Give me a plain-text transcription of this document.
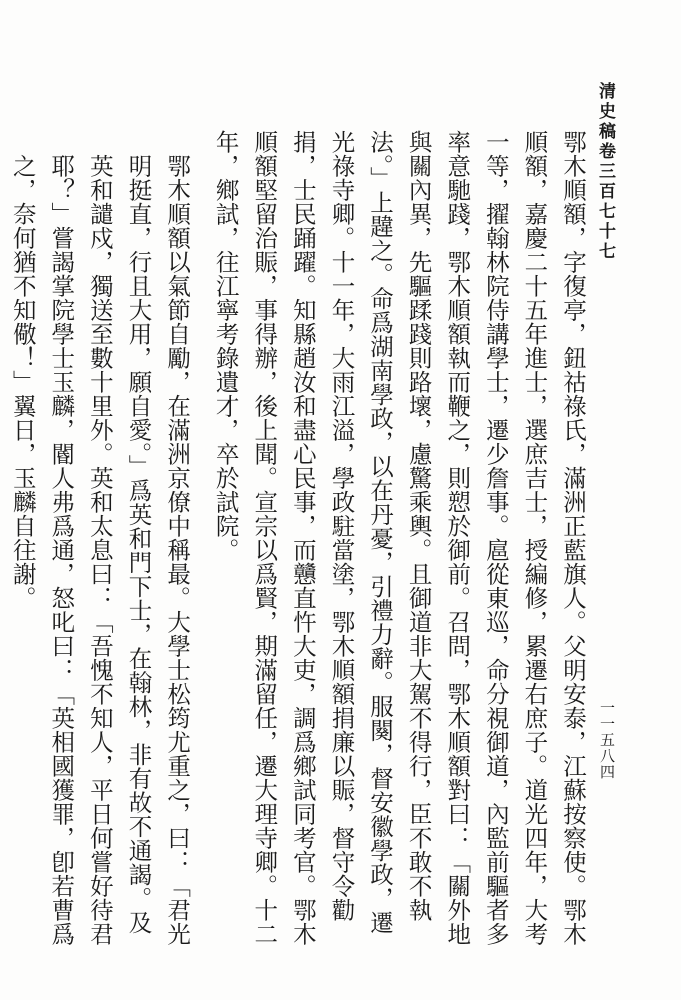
清史稿卷三百七十七
一一五八四

鄂木順額，字復亭，鈕祜祿氏，滿洲正藍旗人。父明安泰，江蘇按察使。鄂木順額，嘉慶二十五年進士，選庶吉士，授編修，累遷右庶子。道光四年，大考一等，擢翰林院侍講學士，遷少詹事。扈從東巡，命分視御道，內監前驅者多率意馳踐，鄂木順額執而鞭之，則愬於御前。召問，鄂木順額對曰：「關外地與關內異，先驅蹂踐則路壞，慮驚乘輿。且御道非大駕不得行，臣不敢不執法。」上韙之。命爲湖南學政，以在丹憂，引禮力辭。服闋，督安徽學政，遷光祿寺卿。十一年，大雨江溢，學政駐當塗，鄂木順額捐廉以賑，督守令勸捐，士民踊躍。知縣趙汝和盡心民事，而戇直忤大吏，調爲鄉試同考官。鄂木順額堅留治賑，事得辦，後上聞。宣宗以爲賢，期滿留任，遷大理寺卿。十二年，鄉試，往江寧考錄遺才，卒於試院。

鄂木順額以氣節自勵，在滿洲京僚中稱最。大學士松筠尤重之，曰：「君光明挺直，行且大用，願自愛。」爲英和門下士，在翰林，非有故不通謁。及英和譴戍，獨送至數十里外。英和太息曰：「吾愧不知人，平日何嘗好待君耶？」嘗謁掌院學士玉麟，閽人弗爲通，怒叱曰：「英相國獲罪，卽若曹爲之，奈何猶不知儆！」翼日，玉麟自往謝。
